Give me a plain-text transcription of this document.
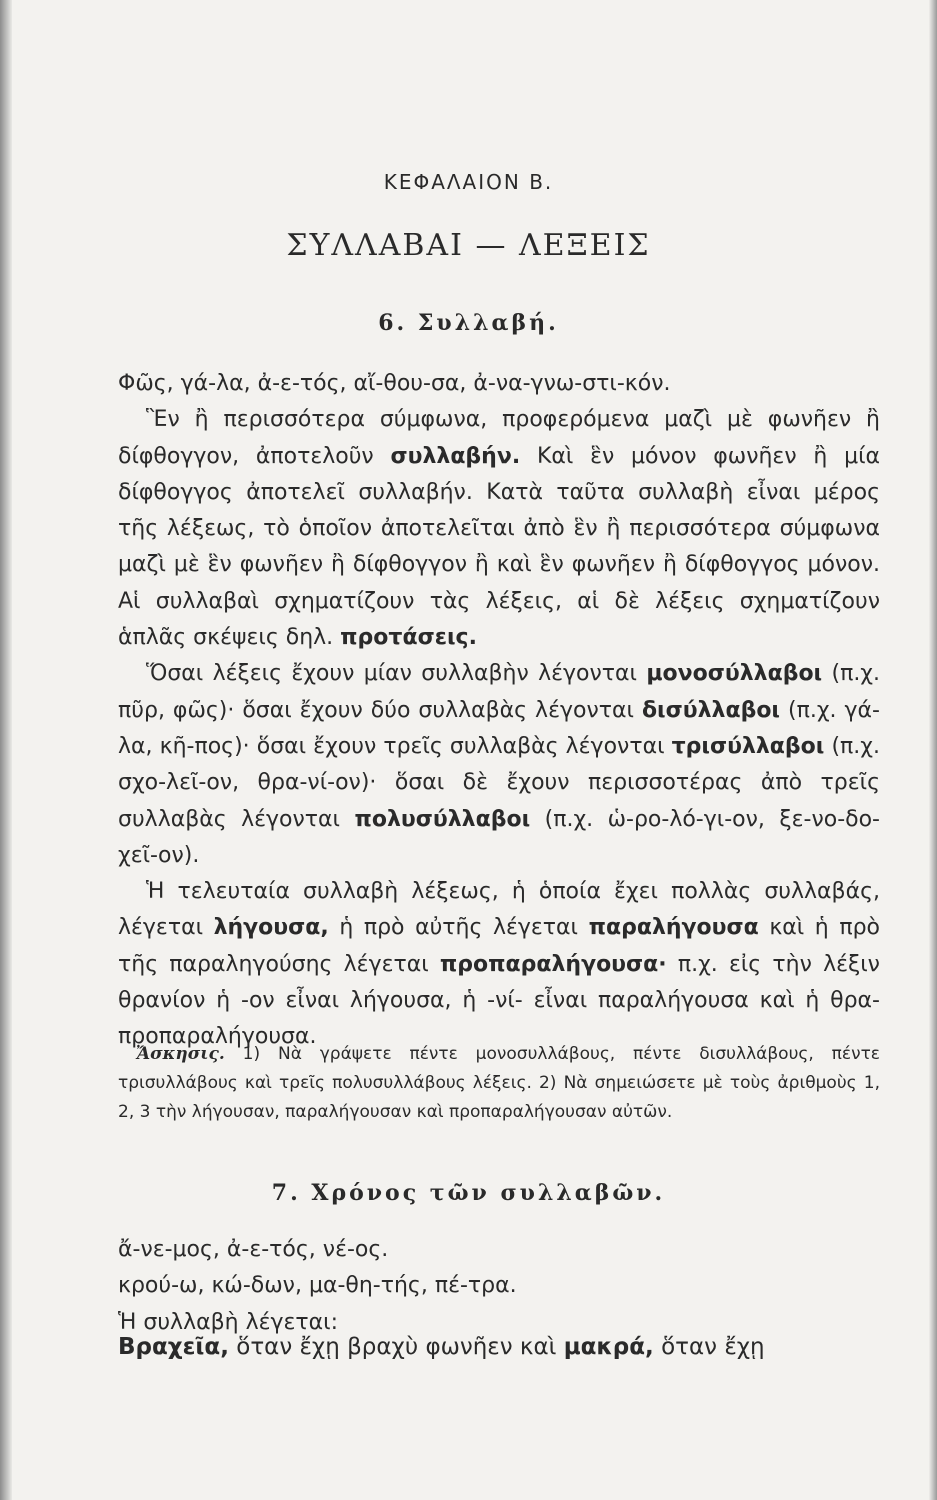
ΚΕΦΑΛΑΙΟΝ Β.
ΣΥΛΛΑΒΑΙ — ΛΕΞΕΙΣ
6. Συλλαβή.
Φῶς, γά-λα, ἀ-ε-τός, αἴ-θου-σα, ἀ-να-γνω-στι-κόν.
Ἓν ἢ περισσότερα σύμφωνα, προφερόμενα μαζὶ μὲ φωνῆεν ἢ δίφθογγον, ἀποτελοῦν συλλαβήν. Καὶ ἓν μόνον φωνῆεν ἢ μία δίφθογγος ἀποτελεῖ συλλαβήν. Κατὰ ταῦτα συλλαβὴ εἶναι μέρος τῆς λέξεως, τὸ ὁποῖον ἀποτελεῖται ἀπὸ ἓν ἢ περισσότερα σύμφωνα μαζὶ μὲ ἓν φωνῆεν ἢ δίφθογγον ἢ καὶ ἓν φωνῆεν ἢ δίφθογγος μόνον. Αἱ συλλαβαὶ σχηματίζουν τὰς λέξεις, αἱ δὲ λέξεις σχηματίζουν ἁπλᾶς σκέψεις δηλ. προτάσεις.
Ὅσαι λέξεις ἔχουν μίαν συλλαβὴν λέγονται μονοσύλλαβοι (π.χ. πῦρ, φῶς)· ὅσαι ἔχουν δύο συλλαβὰς λέγονται δισύλλαβοι (π.χ. γά-λα, κῆ-πος)· ὅσαι ἔχουν τρεῖς συλλαβὰς λέγονται τρισύλλαβοι (π.χ. σχο-λεῖ-ον, θρα-νί-ον)· ὅσαι δὲ ἔχουν περισσοτέρας ἀπὸ τρεῖς συλλαβὰς λέγονται πολυσύλλαβοι (π.χ. ὡ-ρο-λό-γι-ον, ξε-νο-δο-χεῖ-ον).
Ἡ τελευταία συλλαβὴ λέξεως, ἡ ὁποία ἔχει πολλὰς συλλαβάς, λέγεται λήγουσα, ἡ πρὸ αὐτῆς λέγεται παραλήγουσα καὶ ἡ πρὸ τῆς παραληγούσης λέγεται προπαραλήγουσα· π.χ. εἰς τὴν λέξιν θρανίον ἡ -ον εἶναι λήγουσα, ἡ -νί- εἶναι παραλήγουσα καὶ ἡ θρα- προπαραλήγουσα.
Ἄσκησις. 1) Νὰ γράψετε πέντε μονοσυλλάβους, πέντε δισυλλάβους, πέντε τρισυλλάβους καὶ τρεῖς πολυσυλλάβους λέξεις. 2) Νὰ σημειώσετε μὲ τοὺς ἀριθμοὺς 1, 2, 3 τὴν λήγουσαν, παραλήγουσαν καὶ προπαραλήγουσαν αὐτῶν.
7. Χρόνος τῶν συλλαβῶν.
ἄ-νε-μος, ἀ-ε-τός, νέ-ος.
κρού-ω, κώ-δων, μα-θη-τής, πέ-τρα.
Ἡ συλλαβὴ λέγεται:
Βραχεῖα, ὅταν ἔχῃ βραχὺ φωνῆεν καὶ μακρά, ὅταν ἔχῃ
